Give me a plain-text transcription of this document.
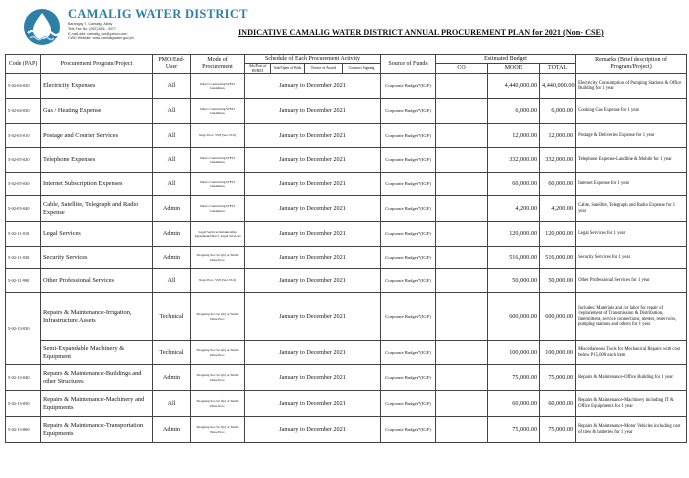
CAMALIG WATER DISTRICT
Barangay 7, Camalig, Albay
Tele Fax No. (052) 826 - 4077
E-mail add: camalig_wd@yahoo.com
CWD Website: www.camaligwater.gov.ph
INDICATIVE CAMALIG WATER DISTRICT ANNUAL PROCUREMENT PLAN for 2021 (Non- CSE)
Code (PAP)	Procurement Program/Project	PMO/End-User	Mode of Procurement	Schedule of Each Procurement Activity				Source of Funds	Estimated Budget			Remarks (Brief description of Program/Project)
				Ads/Post of IB/REI	Sub/Open of Bids	Notice of Award	Contract Signing		CO	MOOE	TOTAL	
5-02-04-020	Electricity Expenses	All	Direct Contracting/WETI Guidelines	January to December 2021				Corporate Budget*(IGF)		4,440,000.00	4,440,000.00	Electricity Consumption of Pumping Stations & Office Building for 1 year
5-02-04-030	Gas / Heating Expense	All	Direct Contracting/WETI Guidelines	January to December 2021				Corporate Budget*(IGF)		6,000.00	6,000.00	Cooking Gas Expense for 1 year
5-02-03-010	Postage and Courier Services	All	Nego Proc. SVP (Sec.53.9)	January to December 2021				Corporate Budget*(IGF)		12,000.00	12,000.00	Postage & Deliveries Expense for 1 year
5-02-05-020	Telephone Expenses	All	Direct Contracting/WETI Guidelines	January to December 2021				Corporate Budget*(IGF)		332,000.00	332,000.00	Telephone Expense-Landline & Mobile for 1 year
5-02-05-030	Internet Subscription Expenses	All	Direct Contracting/WETI Guidelines	January to December 2021				Corporate Budget*(IGF)		60,000.00	60,000.00	Internet Expense for 1 year
5-02-05-040	Cable, Satellite, Telegraph and Radio Expense	Admin	Direct Contracting/WETI Guidelines	January to December 2021				Corporate Budget*(IGF)		4,200.00	4,200.00	Cable, Satellite, Telegraph and Radio Expense for 1 year
5-02-11-010	Legal Services	Admin	Legal Services Retainership Agreement/OGCC Legal Services	January to December 2021				Corporate Budget*(IGF)		120,000.00	120,000.00	Legal Services for 1 year
5-02-11-030	Security Services	Admin	Shopping Sec.52.1(b) or Small Value Proc.	January to December 2021				Corporate Budget*(IGF)		516,000.00	516,000.00	Security Services for 1 year
5-02-11-990	Other Professional Services	All	Nego Proc. SVP (Sec.53.9)	January to December 2021				Corporate Budget*(IGF)		50,000.00	50,000.00	Other Professional Services for 1 year
5-02-13-030	Repairs & Maintenance-Irrigation, Infrastructure Assets	Technical	Shopping Sec.52.1(b) or Small Value Proc.	January to December 2021				Corporate Budget*(IGF)		600,000.00	600,000.00	Includes: Materials and /or labor for repair of /replacement of Transmission & Distribution, Intermittent, service connections, meters, reservoirs, pumping stations and others for 1 year
	Semi-Expandable Machinery & Equipment	Technical	Shopping Sec.52.1(b) or Small Value Proc.	January to December 2021				Corporate Budget*(IGF)		100,000.00	100,000.00	Miscellaneous Tools for Mechanical Repairs with cost below P15,000 each item
5-02-13-040	Repairs & Maintenance-Buildings and other Structures	Admin	Shopping Sec.52.1(b) or Small Value Proc.	January to December 2021				Corporate Budget*(IGF)		75,000.00	75,000.00	Repairs & Maintenance-Office Building for 1 year
5-02-13-050	Repairs & Maintenance-Machinery and Equipments	All	Shopping Sec.52.1(b) or Small Value Proc.	January to December 2021				Corporate Budget*(IGF)		60,000.00	60,000.00	Repairs & Maintenance-Machinery including IT & Office Equipments for 1 year
5-02-13-060	Repairs & Maintenance-Transportation Equipments	Admin	Shopping Sec.52.1(b) or Small Value Proc.	January to December 2021				Corporate Budget*(IGF)		75,000.00	75,000.00	Repairs & Maintenance-Motor Vehicles including cost of tires & batteries for 1 year
